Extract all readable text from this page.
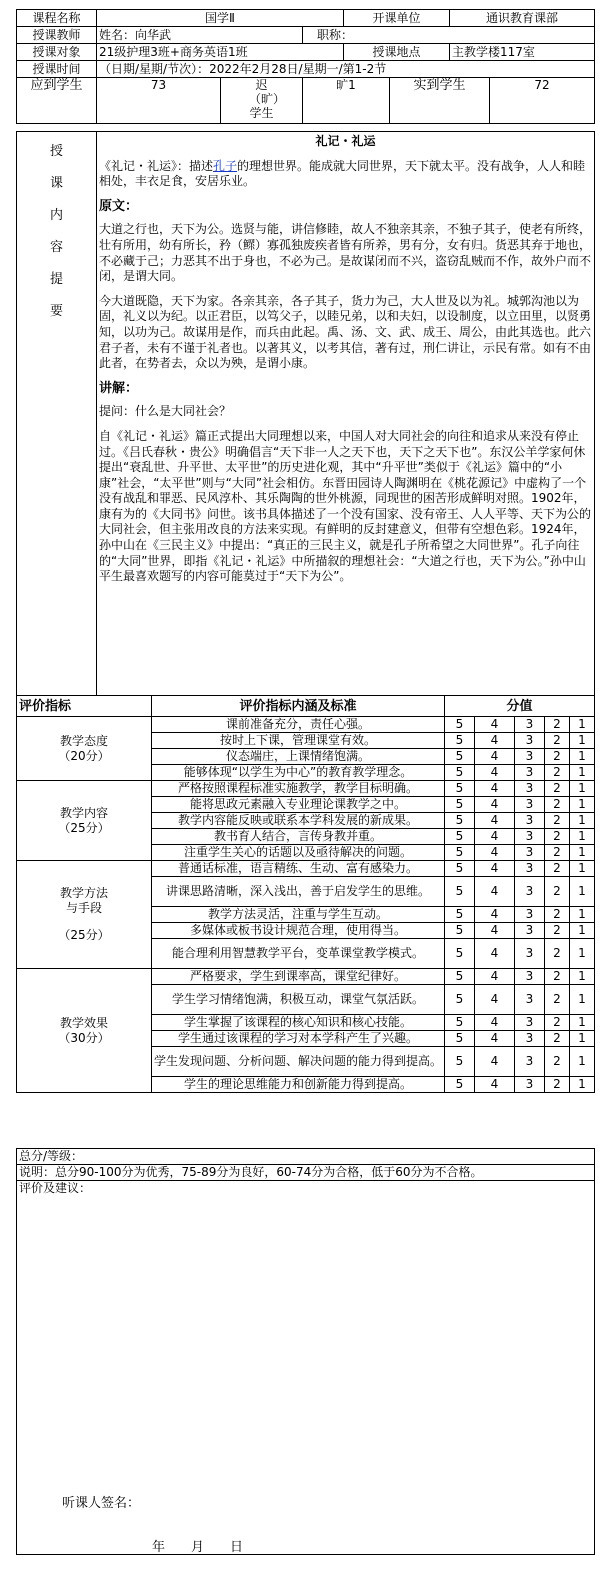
课程名称	国学Ⅱ			开课单位		通识教育课部	
授课教师	姓名：向华武		职称：				
授课对象	21级护理3班+商务英语1班			授课地点		主教学楼117室	
授课时间	（日期/星期/节次）：2022年2月28日/星期一/第1-2节						
应到学生	73	迟（旷）学生	旷1		实到学生		72
授
课
内
容
提
要

礼记・礼运

《礼记・礼运》：描述孔子的理想世界。能成就大同世界，天下就太平。没有战争，人人和睦相处，丰衣足食，安居乐业。

原文：

大道之行也，天下为公。选贤与能，讲信修睦，故人不独亲其亲，不独子其子，使老有所终，壮有所用，幼有所长，矜（鳏）寡孤独废疾者皆有所养，男有分，女有归。货恶其弃于地也，不必藏于己；力恶其不出于身也，不必为己。是故谋闭而不兴，盗窃乱贼而不作，故外户而不闭，是谓大同。

今大道既隐，天下为家。各亲其亲，各子其子，货力为己，大人世及以为礼。城郭沟池以为固，礼义以为纪。以正君臣，以笃父子，以睦兄弟，以和夫妇，以设制度，以立田里，以贤勇知，以功为己。故谋用是作，而兵由此起。禹、汤、文、武、成王、周公，由此其选也。此六君子者，未有不谨于礼者也。以著其义，以考其信，著有过，刑仁讲让，示民有常。如有不由此者，在势者去，众以为殃，是谓小康。

讲解：

提问：什么是大同社会？

自《礼记・礼运》篇正式提出大同理想以来，中国人对大同社会的向往和追求从来没有停止过。《吕氏春秋・贵公》明确倡言“天下非一人之天下也，天下之天下也”。东汉公羊学家何休提出“衰乱世、升平世、太平世”的历史进化观，其中“升平世”类似于《礼运》篇中的“小康”社会，“太平世”则与“大同”社会相仿。东晋田园诗人陶渊明在《桃花源记》中虚构了一个没有战乱和罪恶、民风淳朴、其乐陶陶的世外桃源，同现世的困苦形成鲜明对照。1902年，康有为的《大同书》问世。该书具体描述了一个没有国家、没有帝王、人人平等、天下为公的大同社会，但主张用改良的方法来实现。有鲜明的反封建意义，但带有空想色彩。1924年，孙中山在《三民主义》中提出：“真正的三民主义，就是孔子所希望之大同世界”。孔子向往的“大同”世界，即指《礼记・礼运》中所描叙的理想社会：“大道之行也，天下为公。”孙中山平生最喜欢题写的内容可能莫过于“天下为公”。

评价指标	评价指标内涵及标准	分值				

教学态度
（20分）	课前准备充分，责任心强。	5	4	3	2	1
	按时上下课，管理课堂有效。	5	4	3	2	1
	仪态端庄，上课情绪饱满。	5	4	3	2	1
	能够体现“以学生为中心”的教育教学理念。	5	4	3	2	1

教学内容
（25分）	严格按照课程标准实施教学，教学目标明确。	5	4	3	2	1
	能将思政元素融入专业理论课教学之中。	5	4	3	2	1
	教学内容能反映或联系本学科发展的新成果。	5	4	3	2	1
	教书育人结合，言传身教并重。	5	4	3	2	1
	注重学生关心的话题以及亟待解决的问题。	5	4	3	2	1

教学方法与手段
（25分）	普通话标准，语言精练、生动、富有感染力。	5	4	3	2	1
	讲课思路清晰，深入浅出，善于启发学生的思维。	5	4	3	2	1
	教学方法灵活，注重与学生互动。	5	4	3	2	1
	多媒体或板书设计规范合理，使用得当。	5	4	3	2	1
	能合理利用智慧教学平台，变革课堂教学模式。	5	4	3	2	1

教学效果
（30分）	严格要求，学生到课率高，课堂纪律好。	5	4	3	2	1
	学生学习情绪饱满，积极互动，课堂气氛活跃。	5	4	3	2	1
	学生掌握了该课程的核心知识和核心技能。	5	4	3	2	1
	学生通过该课程的学习对本学科产生了兴趣。	5	4	3	2	1
	学生发现问题、分析问题、解决问题的能力得到提高。	5	4	3	2	1
	学生的理论思维能力和创新能力得到提高。	5	4	3	2	1
总分/等级：
说明：总分90-100分为优秀，75-89分为良好，60-74分为合格，低于60分为不合格。
评价及建议：
听课人签名：
年 月 日
